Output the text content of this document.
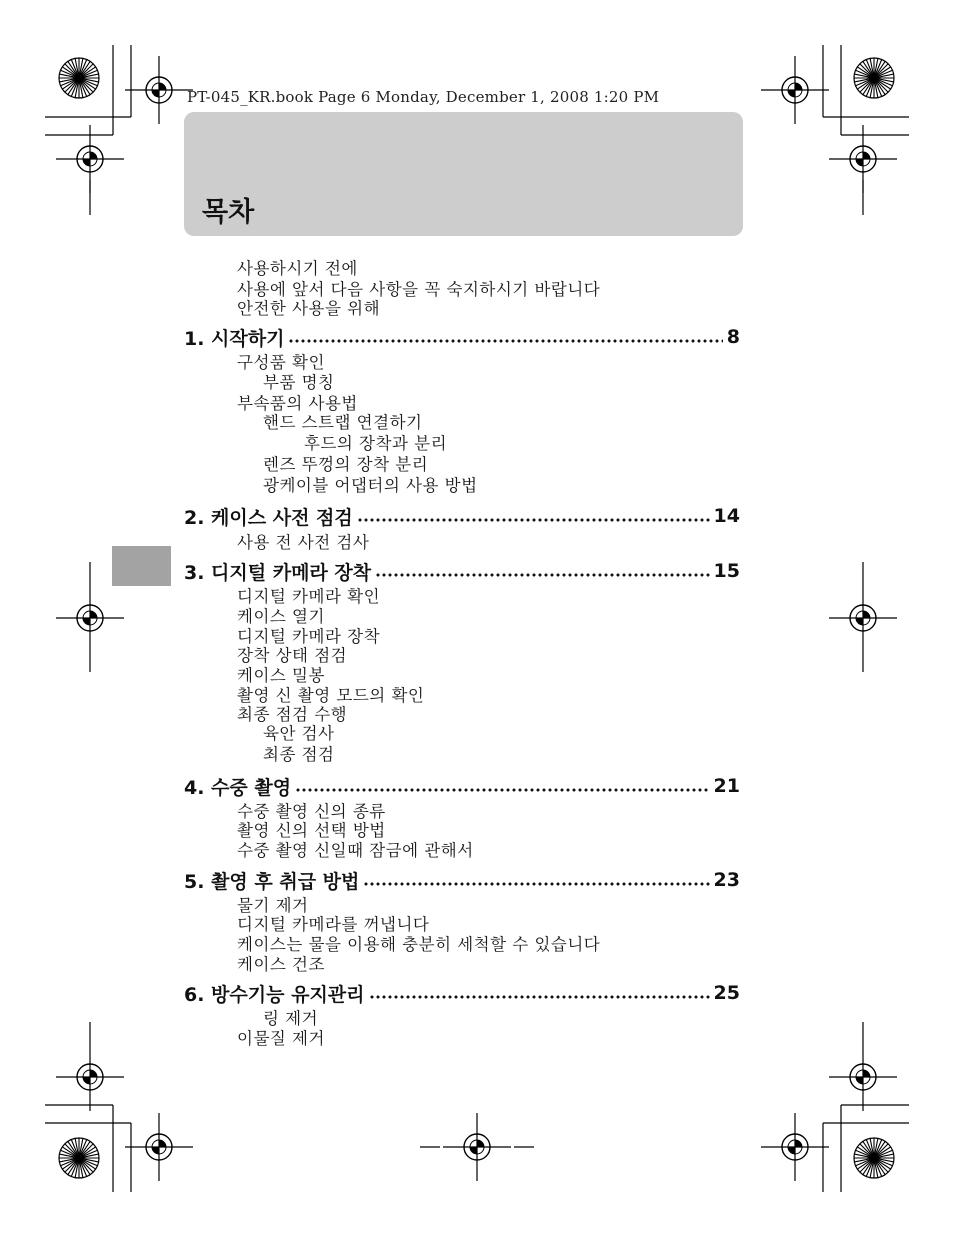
PT-045_KR.book Page 6 Monday, December 1, 2008 1:20 PM
목차
사용하시기 전에
사용에 앞서 다음 사항을 꼭 숙지하시기 바랍니다
안전한 사용을 위해
1. 시작하기	8
구성품 확인
부품 명칭
부속품의 사용법
핸드 스트랩 연결하기
후드의 장착과 분리
렌즈 뚜껑의 장착 분리
광케이블 어댑터의 사용 방법
2. 케이스 사전 점검	14
사용 전 사전 검사
3. 디지털 카메라 장착	15
디지털 카메라 확인
케이스 열기
디지털 카메라 장착
장착 상태 점검
케이스 밀봉
촬영 신 촬영 모드의 확인
최종 점검 수행
육안 검사
최종 점검
4. 수중 촬영	21
수중 촬영 신의 종류
촬영 신의 선택 방법
수중 촬영 신일때 잠금에 관해서
5. 촬영 후 취급 방법	23
물기 제거
디지털 카메라를 꺼냅니다
케이스는 물을 이용해 충분히 세척할 수 있습니다
케이스 건조
6. 방수기능 유지관리	25
링 제거
이물질 제거
